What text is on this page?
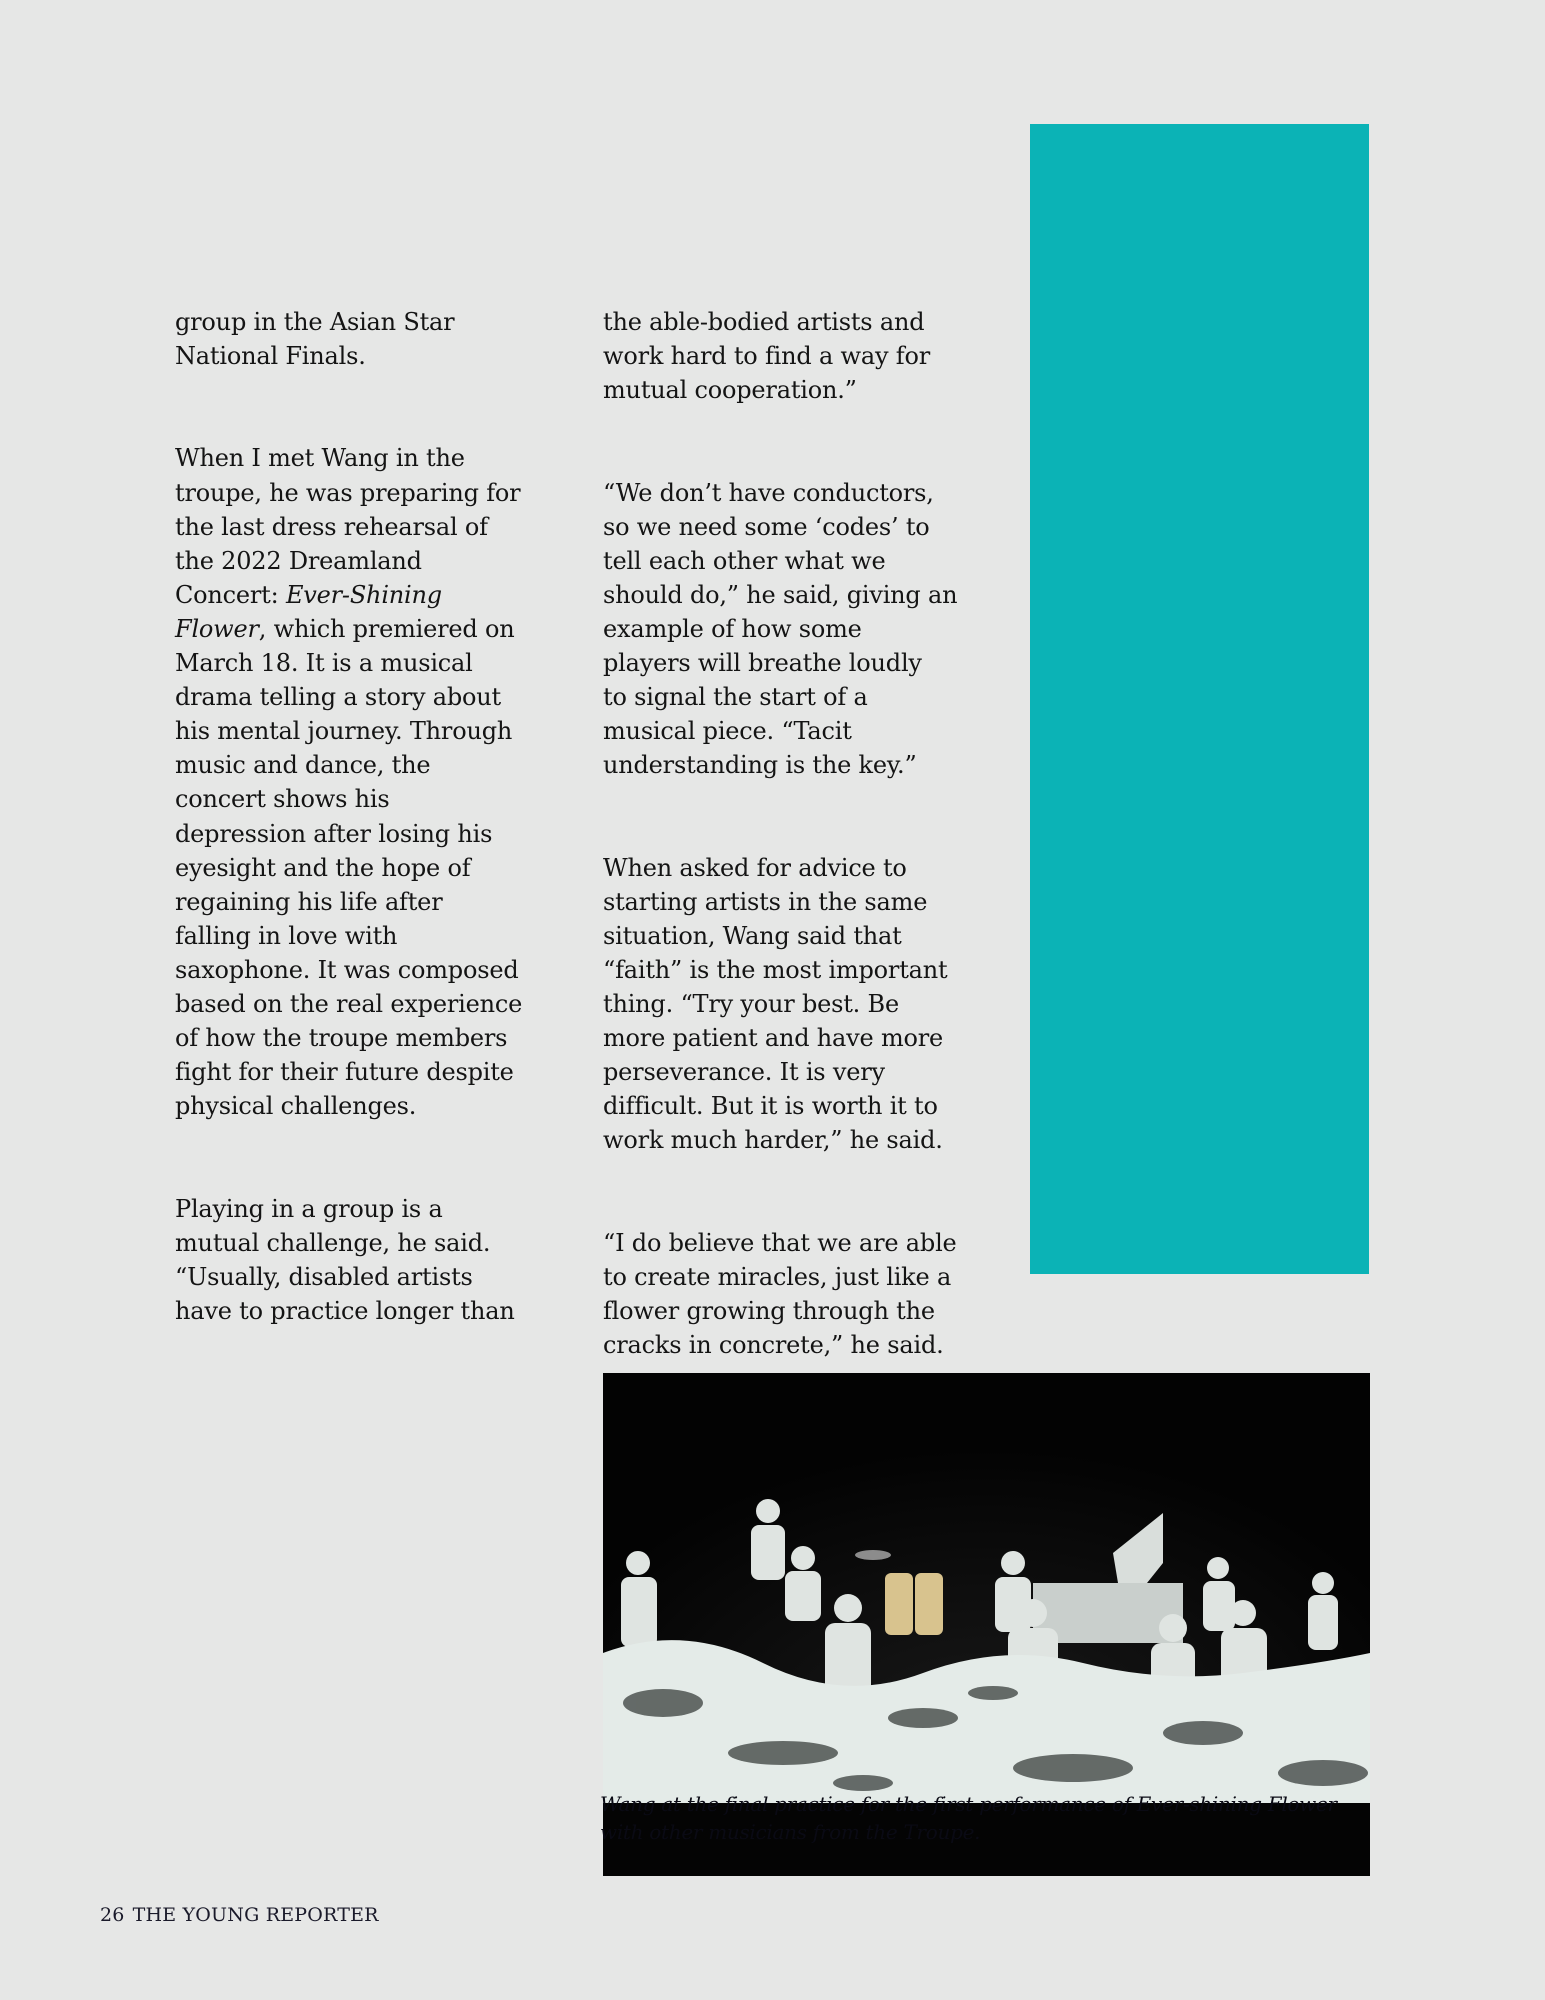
group in the Asian Star
National Finals.

When I met Wang in the
troupe, he was preparing for
the last dress rehearsal of
the 2022 Dreamland
Concert: Ever-Shining
Flower, which premiered on
March 18. It is a musical
drama telling a story about
his mental journey. Through
music and dance, the
concert shows his
depression after losing his
eyesight and the hope of
regaining his life after
falling in love with
saxophone. It was composed
based on the real experience
of how the troupe members
fight for their future despite
physical challenges.

Playing in a group is a
mutual challenge, he said.
“Usually, disabled artists
have to practice longer than

the able-bodied artists and
work hard to find a way for
mutual cooperation.”

“We don’t have conductors,
so we need some ‘codes’ to
tell each other what we
should do,” he said, giving an
example of how some
players will breathe loudly
to signal the start of a
musical piece. “Tacit
understanding is the key.”

When asked for advice to
starting artists in the same
situation, Wang said that
“faith” is the most important
thing. “Try your best. Be
more patient and have more
perseverance. It is very
difficult. But it is worth it to
work much harder,” he said.

“I do believe that we are able
to create miracles, just like a
flower growing through the
cracks in concrete,” he said.

Wang at the final practice for the first performance of Ever-shining Flower
with other musicians from the Troupe.
26 THE YOUNG REPORTER
